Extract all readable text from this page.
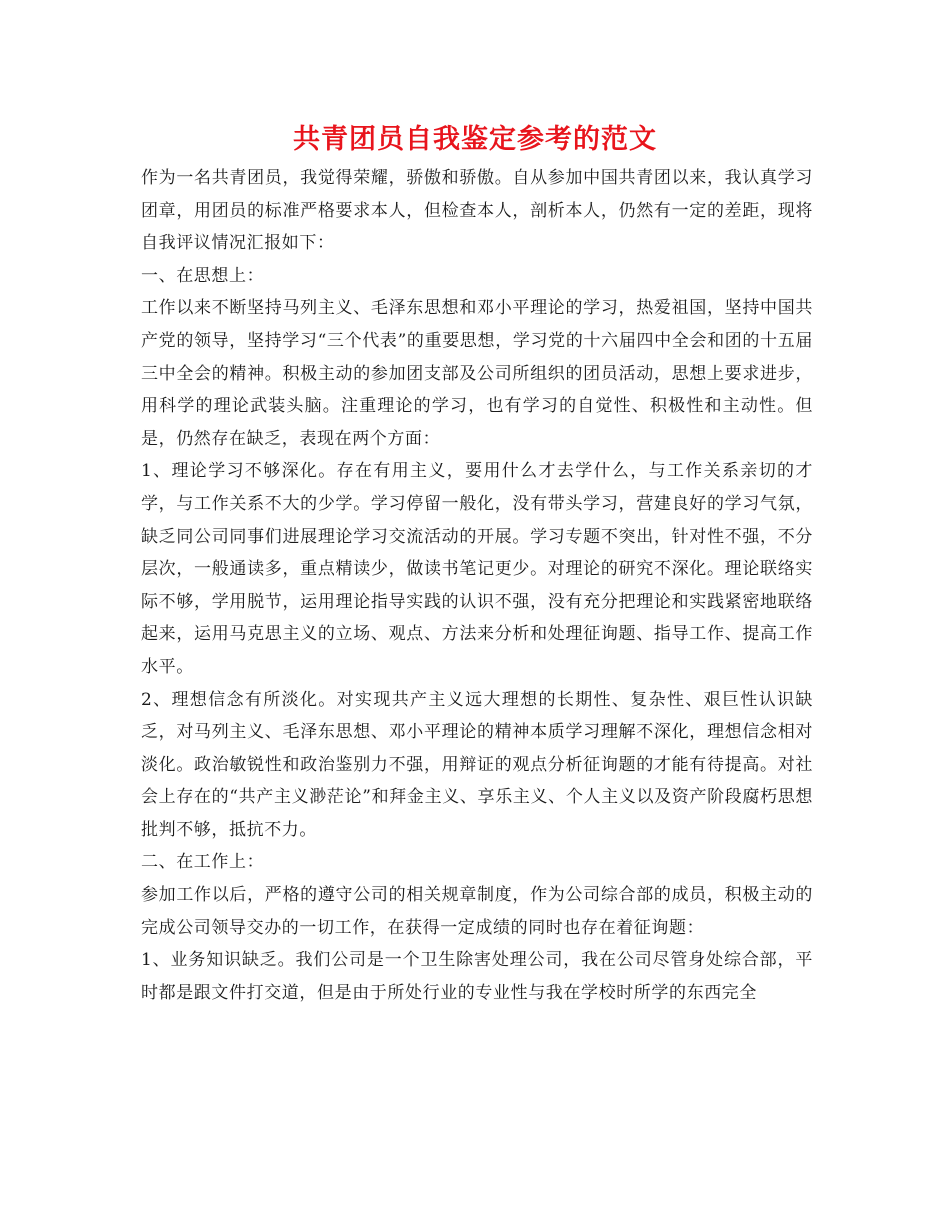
共青团员自我鉴定参考的范文

作为一名共青团员，我觉得荣耀，骄傲和骄傲。自从参加中国共青团以来，我认真学习团章，用团员的标准严格要求本人，但检查本人，剖析本人，仍然有一定的差距，现将自我评议情况汇报如下：

一、在思想上：

工作以来不断坚持马列主义、毛泽东思想和邓小平理论的学习，热爱祖国，坚持中国共产党的领导，坚持学习“三个代表”的重要思想，学习党的十六届四中全会和团的十五届三中全会的精神。积极主动的参加团支部及公司所组织的团员活动，思想上要求进步，用科学的理论武装头脑。注重理论的学习，也有学习的自觉性、积极性和主动性。但是，仍然存在缺乏，表现在两个方面：

1、理论学习不够深化。存在有用主义，要用什么才去学什么，与工作关系亲切的才学，与工作关系不大的少学。学习停留一般化，没有带头学习，营建良好的学习气氛，缺乏同公司同事们进展理论学习交流活动的开展。学习专题不突出，针对性不强，不分层次，一般通读多，重点精读少，做读书笔记更少。对理论的研究不深化。理论联络实际不够，学用脱节，运用理论指导实践的认识不强，没有充分把理论和实践紧密地联络起来，运用马克思主义的立场、观点、方法来分析和处理征询题、指导工作、提高工作水平。

2、理想信念有所淡化。对实现共产主义远大理想的长期性、复杂性、艰巨性认识缺乏，对马列主义、毛泽东思想、邓小平理论的精神本质学习理解不深化，理想信念相对淡化。政治敏锐性和政治鉴别力不强，用辩证的观点分析征询题的才能有待提高。对社会上存在的“共产主义渺茫论”和拜金主义、享乐主义、个人主义以及资产阶段腐朽思想批判不够，抵抗不力。

二、在工作上：

参加工作以后，严格的遵守公司的相关规章制度，作为公司综合部的成员，积极主动的完成公司领导交办的一切工作，在获得一定成绩的同时也存在着征询题：

1、业务知识缺乏。我们公司是一个卫生除害处理公司，我在公司尽管身处综合部，平时都是跟文件打交道，但是由于所处行业的专业性与我在学校时所学的东西完全
